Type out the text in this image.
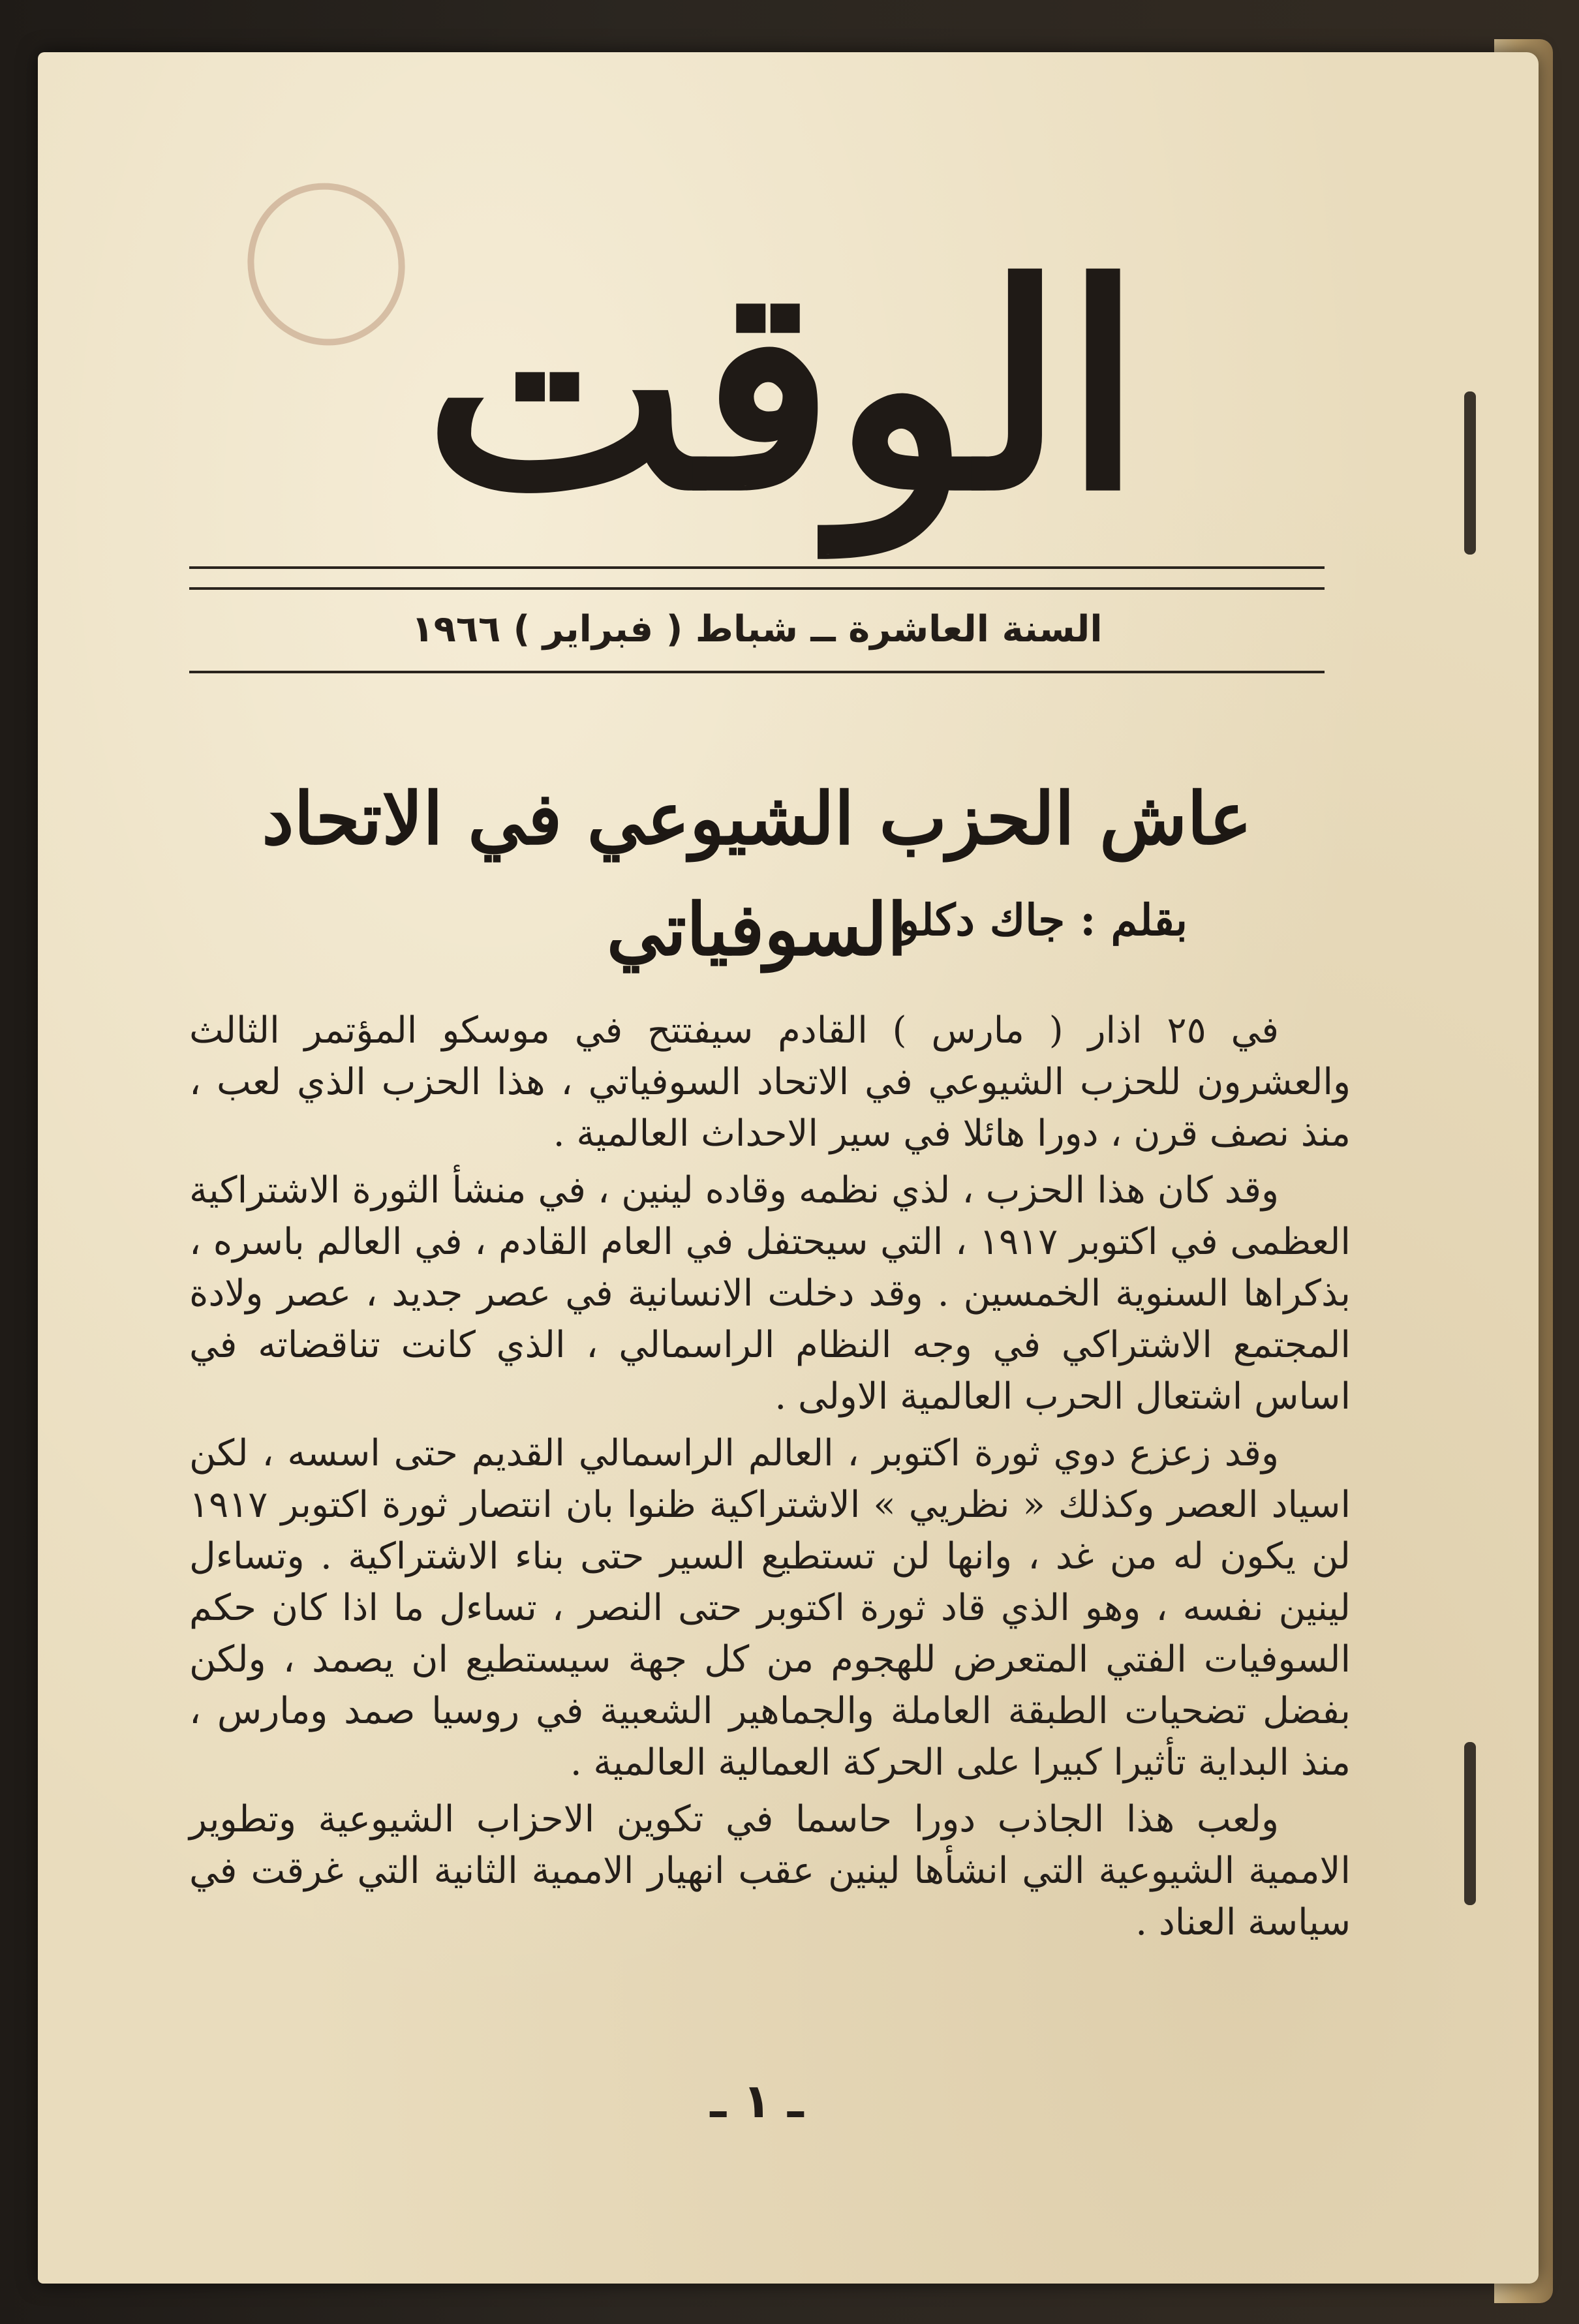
الوقت
السنة العاشرة ــ شباط ( فبراير ) ١٩٦٦
عاش الحزب الشيوعي في الاتحاد السوفياتي
بقلم : جاك دكلو

في ٢٥ اذار ( مارس ) القادم سيفتتح في موسكو المؤتمر الثالث والعشرون للحزب الشيوعي في الاتحاد السوفياتي ، هذا الحزب الذي لعب ، منذ نصف قرن ، دورا هائلا في سير الاحداث العالمية .

وقد كان هذا الحزب ، لذي نظمه وقاده لينين ، في منشأ الثورة الاشتراكية العظمى في اكتوبر ١٩١٧ ، التي سيحتفل في العام القادم ، في العالم باسره ، بذكراها السنوية الخمسين . وقد دخلت الانسانية في عصر جديد ، عصر ولادة المجتمع الاشتراكي في وجه النظام الراسمالي ، الذي كانت تناقضاته في اساس اشتعال الحرب العالمية الاولى .

وقد زعزع دوي ثورة اكتوبر ، العالم الراسمالي القديم حتى اسسه ، لكن اسياد العصر وكذلك « نظريي » الاشتراكية ظنوا بان انتصار ثورة اكتوبر ١٩١٧ لن يكون له من غد ، وانها لن تستطيع السير حتى بناء الاشتراكية . وتساءل لينين نفسه ، وهو الذي قاد ثورة اكتوبر حتى النصر ، تساءل ما اذا كان حكم السوفيات الفتي المتعرض للهجوم من كل جهة سيستطيع ان يصمد ، ولكن بفضل تضحيات الطبقة العاملة والجماهير الشعبية في روسيا صمد ومارس ، منذ البداية تأثيرا كبيرا على الحركة العمالية العالمية .

ولعب هذا الجاذب دورا حاسما في تكوين الاحزاب الشيوعية وتطوير الاممية الشيوعية التي انشأها لينين عقب انهيار الاممية الثانية التي غرقت في سياسة العناد .

ـ ١ ـ
